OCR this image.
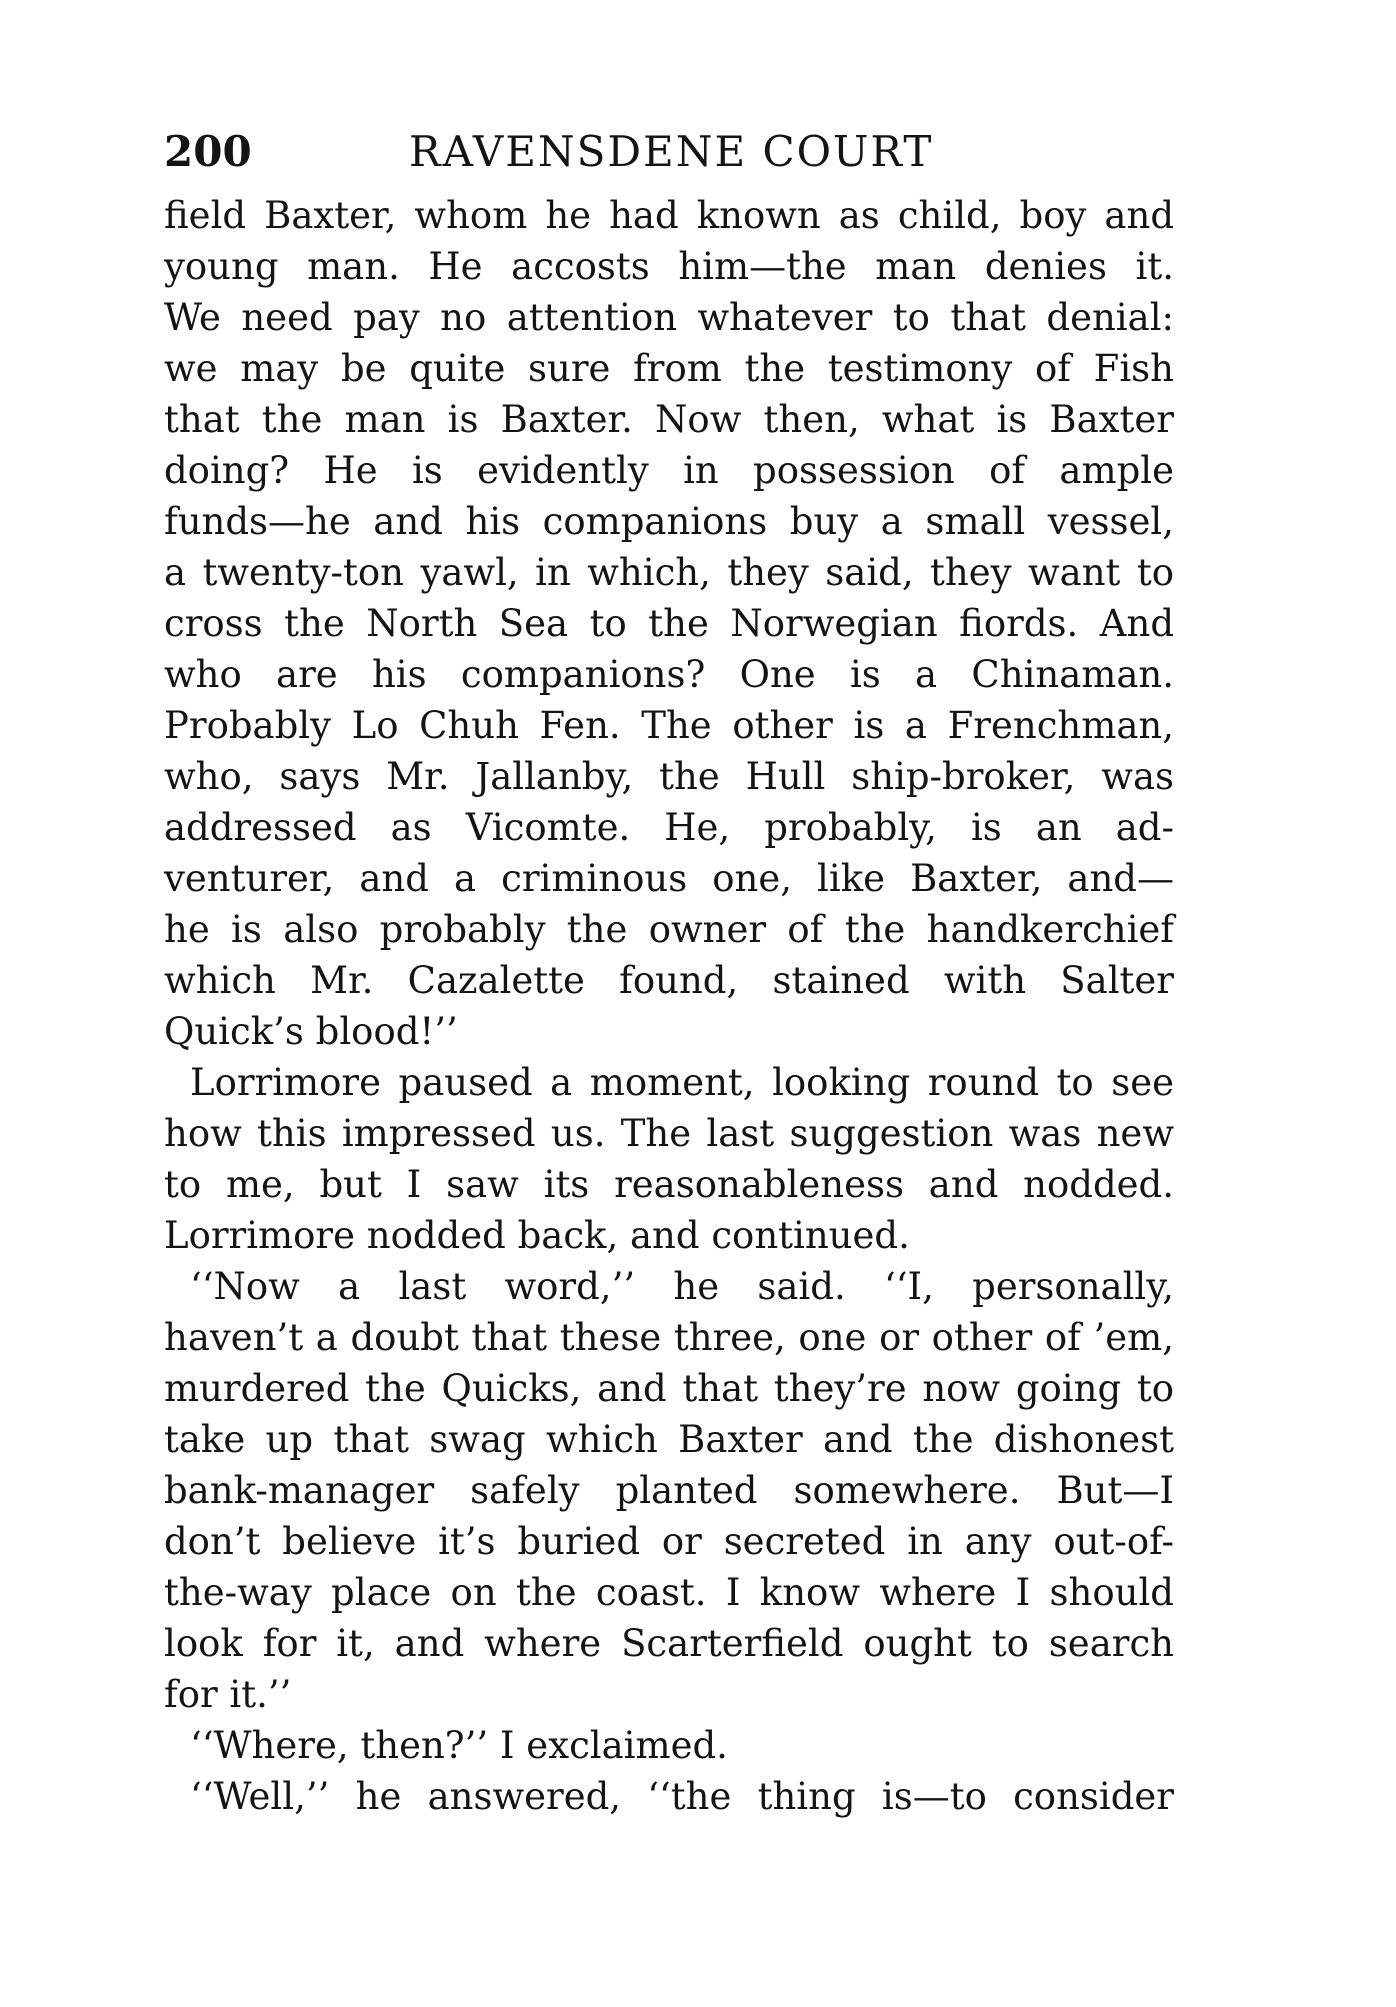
200	RAVENSDENE COURT
field Baxter, whom he had known as child, boy and
young man. He accosts him—the man denies it.
We need pay no attention whatever to that denial:
we may be quite sure from the testimony of Fish
that the man is Baxter. Now then, what is Baxter
doing? He is evidently in possession of ample
funds—he and his companions buy a small vessel,
a twenty-ton yawl, in which, they said, they want to
cross the North Sea to the Norwegian fiords. And
who are his companions? One is a Chinaman.
Probably Lo Chuh Fen. The other is a Frenchman,
who, says Mr. Jallanby, the Hull ship-broker, was
addressed as Vicomte. He, probably, is an ad-
venturer, and a criminous one, like Baxter, and—
he is also probably the owner of the handkerchief
which Mr. Cazalette found, stained with Salter
Quick’s blood!’’
Lorrimore paused a moment, looking round to see
how this impressed us. The last suggestion was new
to me, but I saw its reasonableness and nodded.
Lorrimore nodded back, and continued.
‘‘Now a last word,’’ he said. ‘‘I, personally,
haven’t a doubt that these three, one or other of ’em,
murdered the Quicks, and that they’re now going to
take up that swag which Baxter and the dishonest
bank-manager safely planted somewhere. But—I
don’t believe it’s buried or secreted in any out-of-
the-way place on the coast. I know where I should
look for it, and where Scarterfield ought to search
for it.’’
‘‘Where, then?’’ I exclaimed.
‘‘Well,’’ he answered, ‘‘the thing is—to consider
